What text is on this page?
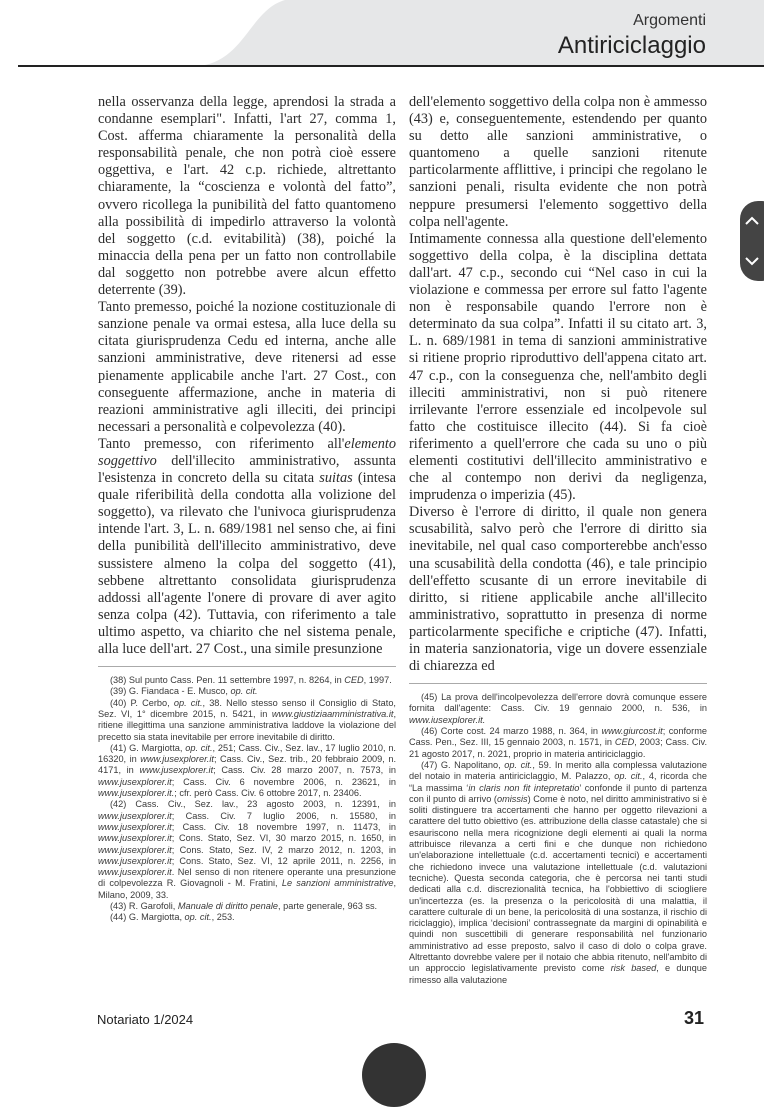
Argomenti
Antiriciclaggio

nella osservanza della legge, aprendosi la strada a condanne esemplari". Infatti, l'art 27, comma 1, Cost. afferma chiaramente la personalità della responsabilità penale, che non potrà cioè essere oggettiva, e l'art. 42 c.p. richiede, altrettanto chiaramente, la “coscienza e volontà del fatto”, ovvero ricollega la punibilità del fatto quantomeno alla possibilità di impedirlo attraverso la volontà del soggetto (c.d. evitabilità) (38), poiché la minaccia della pena per un fatto non controllabile dal soggetto non potrebbe avere alcun effetto deterrente (39).

Tanto premesso, poiché la nozione costituzionale di sanzione penale va ormai estesa, alla luce della su citata giurisprudenza Cedu ed interna, anche alle sanzioni amministrative, deve ritenersi ad esse pienamente applicabile anche l'art. 27 Cost., con conseguente affermazione, anche in materia di reazioni amministrative agli illeciti, dei principi necessari a personalità e colpevolezza (40).

Tanto premesso, con riferimento all'elemento soggettivo dell'illecito amministrativo, assunta l'esistenza in concreto della su citata suitas (intesa quale riferibilità della condotta alla volizione del soggetto), va rilevato che l'univoca giurisprudenza intende l'art. 3, L. n. 689/1981 nel senso che, ai fini della punibilità dell'illecito amministrativo, deve sussistere almeno la colpa del soggetto (41), sebbene altrettanto consolidata giurisprudenza addossi all'agente l'onere di provare di aver agito senza colpa (42). Tuttavia, con riferimento a tale ultimo aspetto, va chiarito che nel sistema penale, alla luce dell'art. 27 Cost., una simile presunzione

(38) Sul punto Cass. Pen. 11 settembre 1997, n. 8264, in CED, 1997.

(39) G. Fiandaca - E. Musco, op. cit.

(40) P. Cerbo, op. cit., 38. Nello stesso senso il Consiglio di Stato, Sez. VI, 1° dicembre 2015, n. 5421, in www.giustiziaamministrativa.it, ritiene illegittima una sanzione amministrativa laddove la violazione del precetto sia stata inevitabile per errore inevitabile di diritto.

(41) G. Margiotta, op. cit., 251; Cass. Civ., Sez. lav., 17 luglio 2010, n. 16320, in www.jusexplorer.it; Cass. Civ., Sez. trib., 20 febbraio 2009, n. 4171, in www.jusexplorer.it; Cass. Civ. 28 marzo 2007, n. 7573, in www.jusexplorer.it; Cass. Civ. 6 novembre 2006, n. 23621, in www.jusexplorer.it.; cfr. però Cass. Civ. 6 ottobre 2017, n. 23406.

(42) Cass. Civ., Sez. lav., 23 agosto 2003, n. 12391, in www.jusexplorer.it; Cass. Civ. 7 luglio 2006, n. 15580, in www.jusexplorer.it; Cass. Civ. 18 novembre 1997, n. 11473, in www.jusexplorer.it; Cons. Stato, Sez. VI, 30 marzo 2015, n. 1650, in www.jusexplorer.it; Cons. Stato, Sez. IV, 2 marzo 2012, n. 1203, in www.jusexplorer.it; Cons. Stato, Sez. VI, 12 aprile 2011, n. 2256, in www.jusexplorer.it. Nel senso di non ritenere operante una presunzione di colpevolezza R. Giovagnoli - M. Fratini, Le sanzioni amministrative, Milano, 2009, 33.

(43) R. Garofoli, Manuale di diritto penale, parte generale, 963 ss.

(44) G. Margiotta, op. cit., 253.

dell'elemento soggettivo della colpa non è ammesso (43) e, conseguentemente, estendendo per quanto su detto alle sanzioni amministrative, o quantomeno a quelle sanzioni ritenute particolarmente afflittive, i principi che regolano le sanzioni penali, risulta evidente che non potrà neppure presumersi l'elemento soggettivo della colpa nell'agente.

Intimamente connessa alla questione dell'elemento soggettivo della colpa, è la disciplina dettata dall'art. 47 c.p., secondo cui “Nel caso in cui la violazione e commessa per errore sul fatto l'agente non è responsabile quando l'errore non è determinato da sua colpa”. Infatti il su citato art. 3, L. n. 689/1981 in tema di sanzioni amministrative si ritiene proprio riproduttivo dell'appena citato art. 47 c.p., con la conseguenza che, nell'ambito degli illeciti amministrativi, non si può ritenere irrilevante l'errore essenziale ed incolpevole sul fatto che costituisce illecito (44). Si fa cioè riferimento a quell'errore che cada su uno o più elementi costitutivi dell'illecito amministrativo e che al contempo non derivi da negligenza, imprudenza o imperizia (45).

Diverso è l'errore di diritto, il quale non genera scusabilità, salvo però che l'errore di diritto sia inevitabile, nel qual caso comporterebbe anch'esso una scusabilità della condotta (46), e tale principio dell'effetto scusante di un errore inevitabile di diritto, si ritiene applicabile anche all'illecito amministrativo, soprattutto in presenza di norme particolarmente specifiche e criptiche (47). Infatti, in materia sanzionatoria, vige un dovere essenziale di chiarezza ed

(45) La prova dell'incolpevolezza dell'errore dovrà comunque essere fornita dall'agente: Cass. Civ. 19 gennaio 2000, n. 536, in www.iusexplorer.it.

(46) Corte cost. 24 marzo 1988, n. 364, in www.giurcost.it; conforme Cass. Pen., Sez. III, 15 gennaio 2003, n. 1571, in CED, 2003; Cass. Civ. 21 agosto 2017, n. 2021, proprio in materia antiriciclaggio.

(47) G. Napolitano, op. cit., 59. In merito alla complessa valutazione del notaio in materia antiriciclaggio, M. Palazzo, op. cit., 4, ricorda che “La massima ‘in claris non fit intepretatio’ confonde il punto di partenza con il punto di arrivo (omissis) Come è noto, nel diritto amministrativo si è soliti distinguere tra accertamenti che hanno per oggetto rilevazioni a carattere del tutto obiettivo (es. attribuzione della classe catastale) che si esauriscono nella mera ricognizione degli elementi ai quali la norma attribuisce rilevanza a certi fini e che dunque non richiedono un'elaborazione intellettuale (c.d. accertamenti tecnici) e accertamenti che richiedono invece una valutazione intellettuale (c.d. valutazioni tecniche). Questa seconda categoria, che è percorsa nei tanti studi dedicati alla c.d. discrezionalità tecnica, ha l'obbiettivo di sciogliere un'incertezza (es. la presenza o la pericolosità di una malattia, il carattere culturale di un bene, la pericolosità di una sostanza, il rischio di riciclaggio), implica ‘decisioni’ contrassegnate da margini di opinabilità e quindi non suscettibili di generare responsabilità nel funzionario amministrativo ad esse preposto, salvo il caso di dolo o colpa grave. Altrettanto dovrebbe valere per il notaio che abbia ritenuto, nell'ambito di un approccio legislativamente previsto come risk based, e dunque rimesso alla valutazione

Notariato 1/2024	31
